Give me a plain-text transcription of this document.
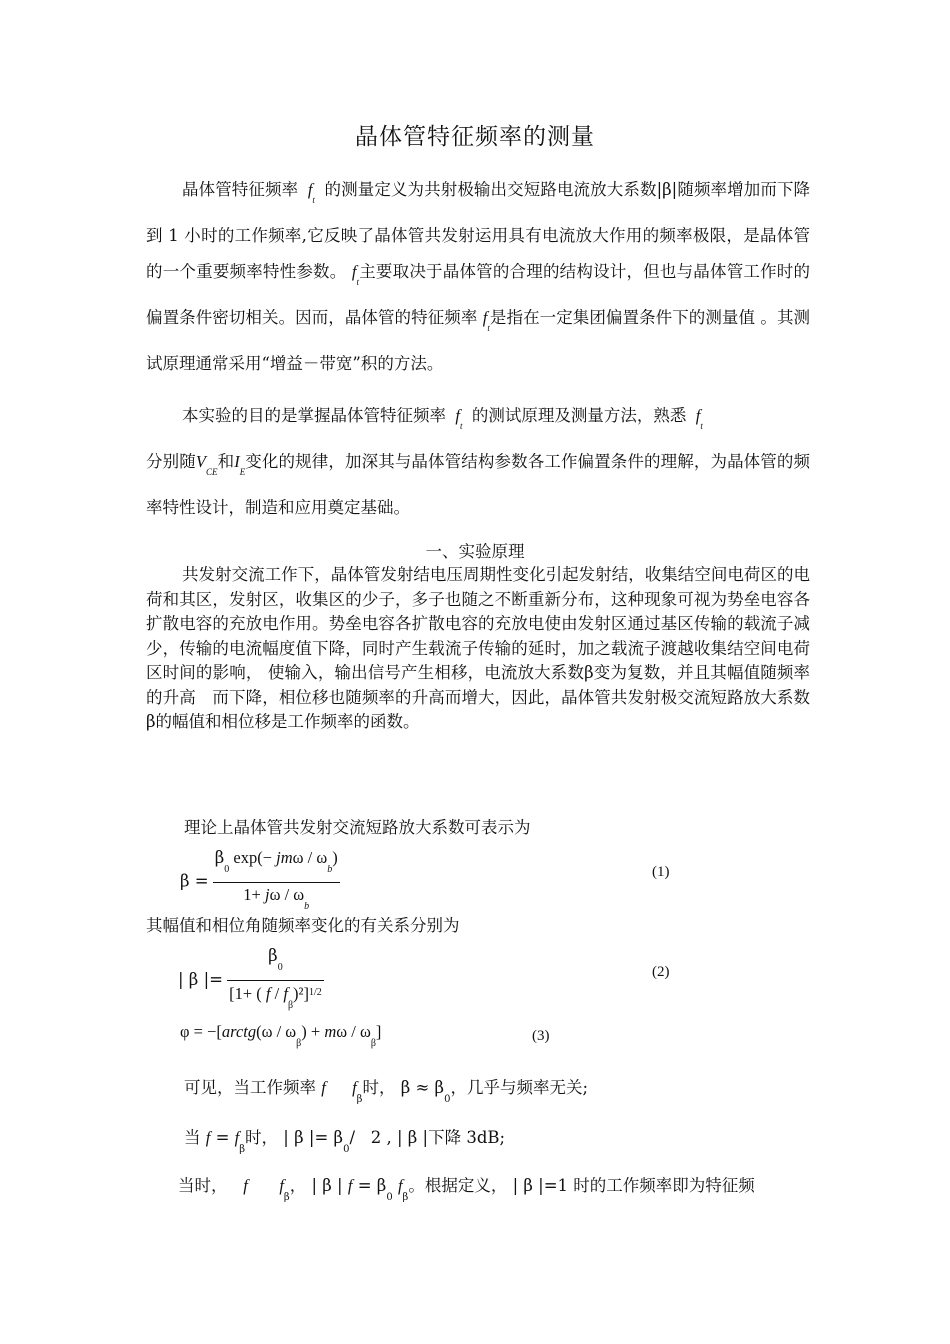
晶体管特征频率的测量
晶体管特征频率 $f_t$  的测量定义为共射极输出交短路电流放大系数|β|随频率增加而下降到 1 小时的工作频率,它反映了晶体管共发射运用具有电流放大作用的频率极限，是晶体管的一个重要频率特性参数。 $f_t$主要取决于晶体管的合理的结构设计，但也与晶体管工作时的偏置条件密切相关。因而，晶体管的特征频率 $f_t$是指在一定集团偏置条件下的测量值 。其测试原理通常采用“增益－带宽”积的方法。
本实验的目的是掌握晶体管特征频率 $f_t$  的测试原理及测量方法，熟悉 $f_t$
分别随$V_{CE}$和$I_E$变化的规律，加深其与晶体管结构参数各工作偏置条件的理解，为晶体管的频率特性设计，制造和应用奠定基础。
一、实验原理
共发射交流工作下，晶体管发射结电压周期性变化引起发射结，收集结空间电荷区的电荷和其区，发射区，收集区的少子，多子也随之不断重新分布，这种现象可视为势垒电容各扩散电容的充放电作用。势垒电容各扩散电容的充放电使由发射区通过基区传输的载流子减少，传输的电流幅度值下降，同时产生载流子传输的延时，加之载流子渡越收集结空间电荷区时间的影响， 使输入，输出信号产生相移，电流放大系数β变为复数，并且其幅值随频率的升高　而下降，相位移也随频率的升高而增大，因此，晶体管共发射极交流短路放大系数β的幅值和相位移是工作频率的函数。
理论上晶体管共发射交流短路放大系数可表示为
$\beta = \frac{\beta_0 \exp(- jm\omega / \omega_b)}{1+ j\omega / \omega_b}$	(1)
其幅值和相位角随频率变化的有关系分别为
| β |= $\frac{\beta_0}{[1+ ( f / f_\beta)^2]^{1/2}}$	(2)
φ = −[arctg(ω / $\omega_\beta) + m\omega / \omega_\beta$]	(3)
可见，当工作频率 f $f_\beta$时， $\beta \approx \beta_0$，几乎与频率无关;
当 $f = f_\beta$时， | β |= $\beta_0/$   2 , | β |下降 3dB;
当时， f $f_\beta$， | β | $f = \beta_0$ $f_\beta$。根据定义， | β |=1 时的工作频率即为特征频
